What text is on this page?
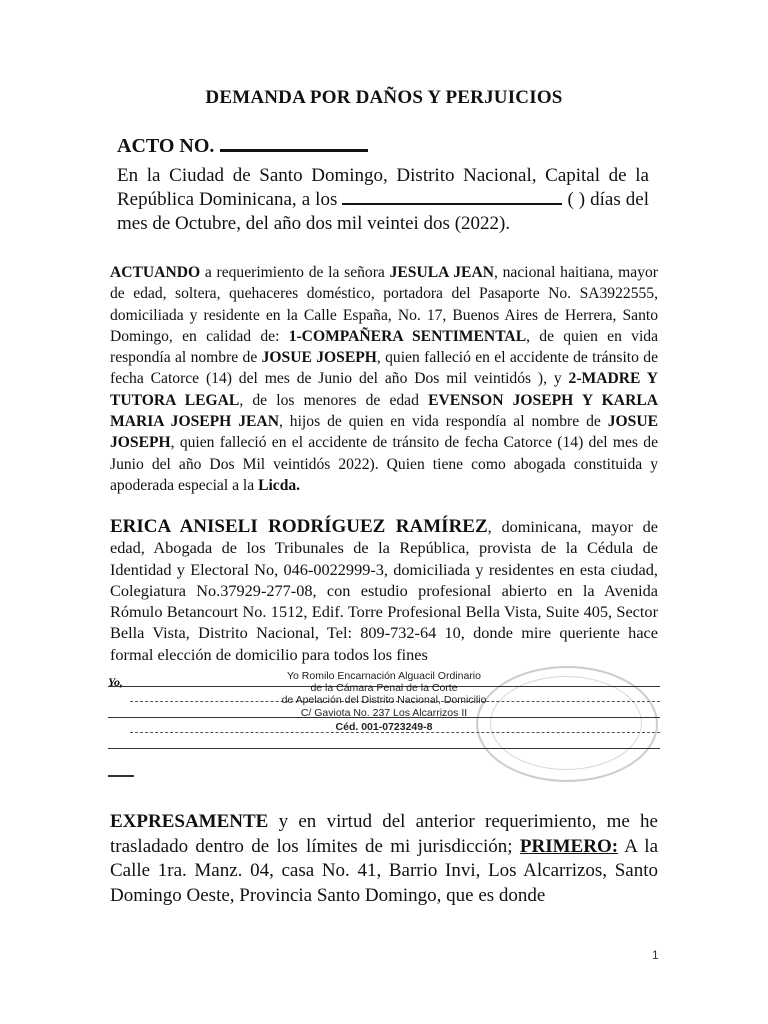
DEMANDA POR DAÑOS Y PERJUICIOS
ACTO NO.
En la Ciudad de Santo Domingo, Distrito Nacional, Capital de la República Dominicana, a los	( ) días del mes de Octubre, del año dos mil veintei dos (2022).
ACTUANDO a requerimiento de la señora JESULA JEAN, nacional haitiana, mayor de edad, soltera, quehaceres doméstico, portadora del Pasaporte No. SA3922555, domiciliada y residente en la Calle España, No. 17, Buenos Aires de Herrera, Santo Domingo, en calidad de: 1-COMPAÑERA SENTIMENTAL, de quien en vida respondía al nombre de JOSUE JOSEPH, quien falleció en el accidente de tránsito de fecha Catorce (14) del mes de Junio del año Dos mil veintidós ), y 2-MADRE Y TUTORA LEGAL, de los menores de edad EVENSON JOSEPH Y KARLA MARIA JOSEPH JEAN, hijos de quien en vida respondía al nombre de JOSUE JOSEPH, quien falleció en el accidente de tránsito de fecha Catorce (14) del mes de Junio del año Dos Mil veintidós 2022). Quien tiene como abogada constituida y apoderada especial a la Licda.
ERICA ANISELI RODRÍGUEZ RAMÍREZ, dominicana, mayor de edad, Abogada de los Tribunales de la República, provista de la Cédula de Identidad y Electoral No, 046-0022999-3, domiciliada y residentes en esta ciudad, Colegiatura No.37929-277-08, con estudio profesional abierto en la Avenida Rómulo Betancourt No. 1512, Edif. Torre Profesional Bella Vista, Suite 405, Sector Bella Vista, Distrito Nacional, Tel: 809-732-64 10, donde mire queriente hace formal elección de domicilio para todos los fines
Yo,	Yo Romilo Encarnación Alguacil Ordinario
de la Cámara Penal de la Corte
de Apelación del Distrito Nacional, Domicilio
C/ Gaviota No. 237 Los Alcarrizos II
Céd. 001-0723249-8
EXPRESAMENTE y en virtud del anterior requerimiento, me he trasladado dentro de los límites de mi jurisdicción; PRIMERO: A la Calle 1ra. Manz. 04, casa No. 41, Barrio Invi, Los Alcarrizos, Santo Domingo Oeste, Provincia Santo Domingo, que es donde
1
